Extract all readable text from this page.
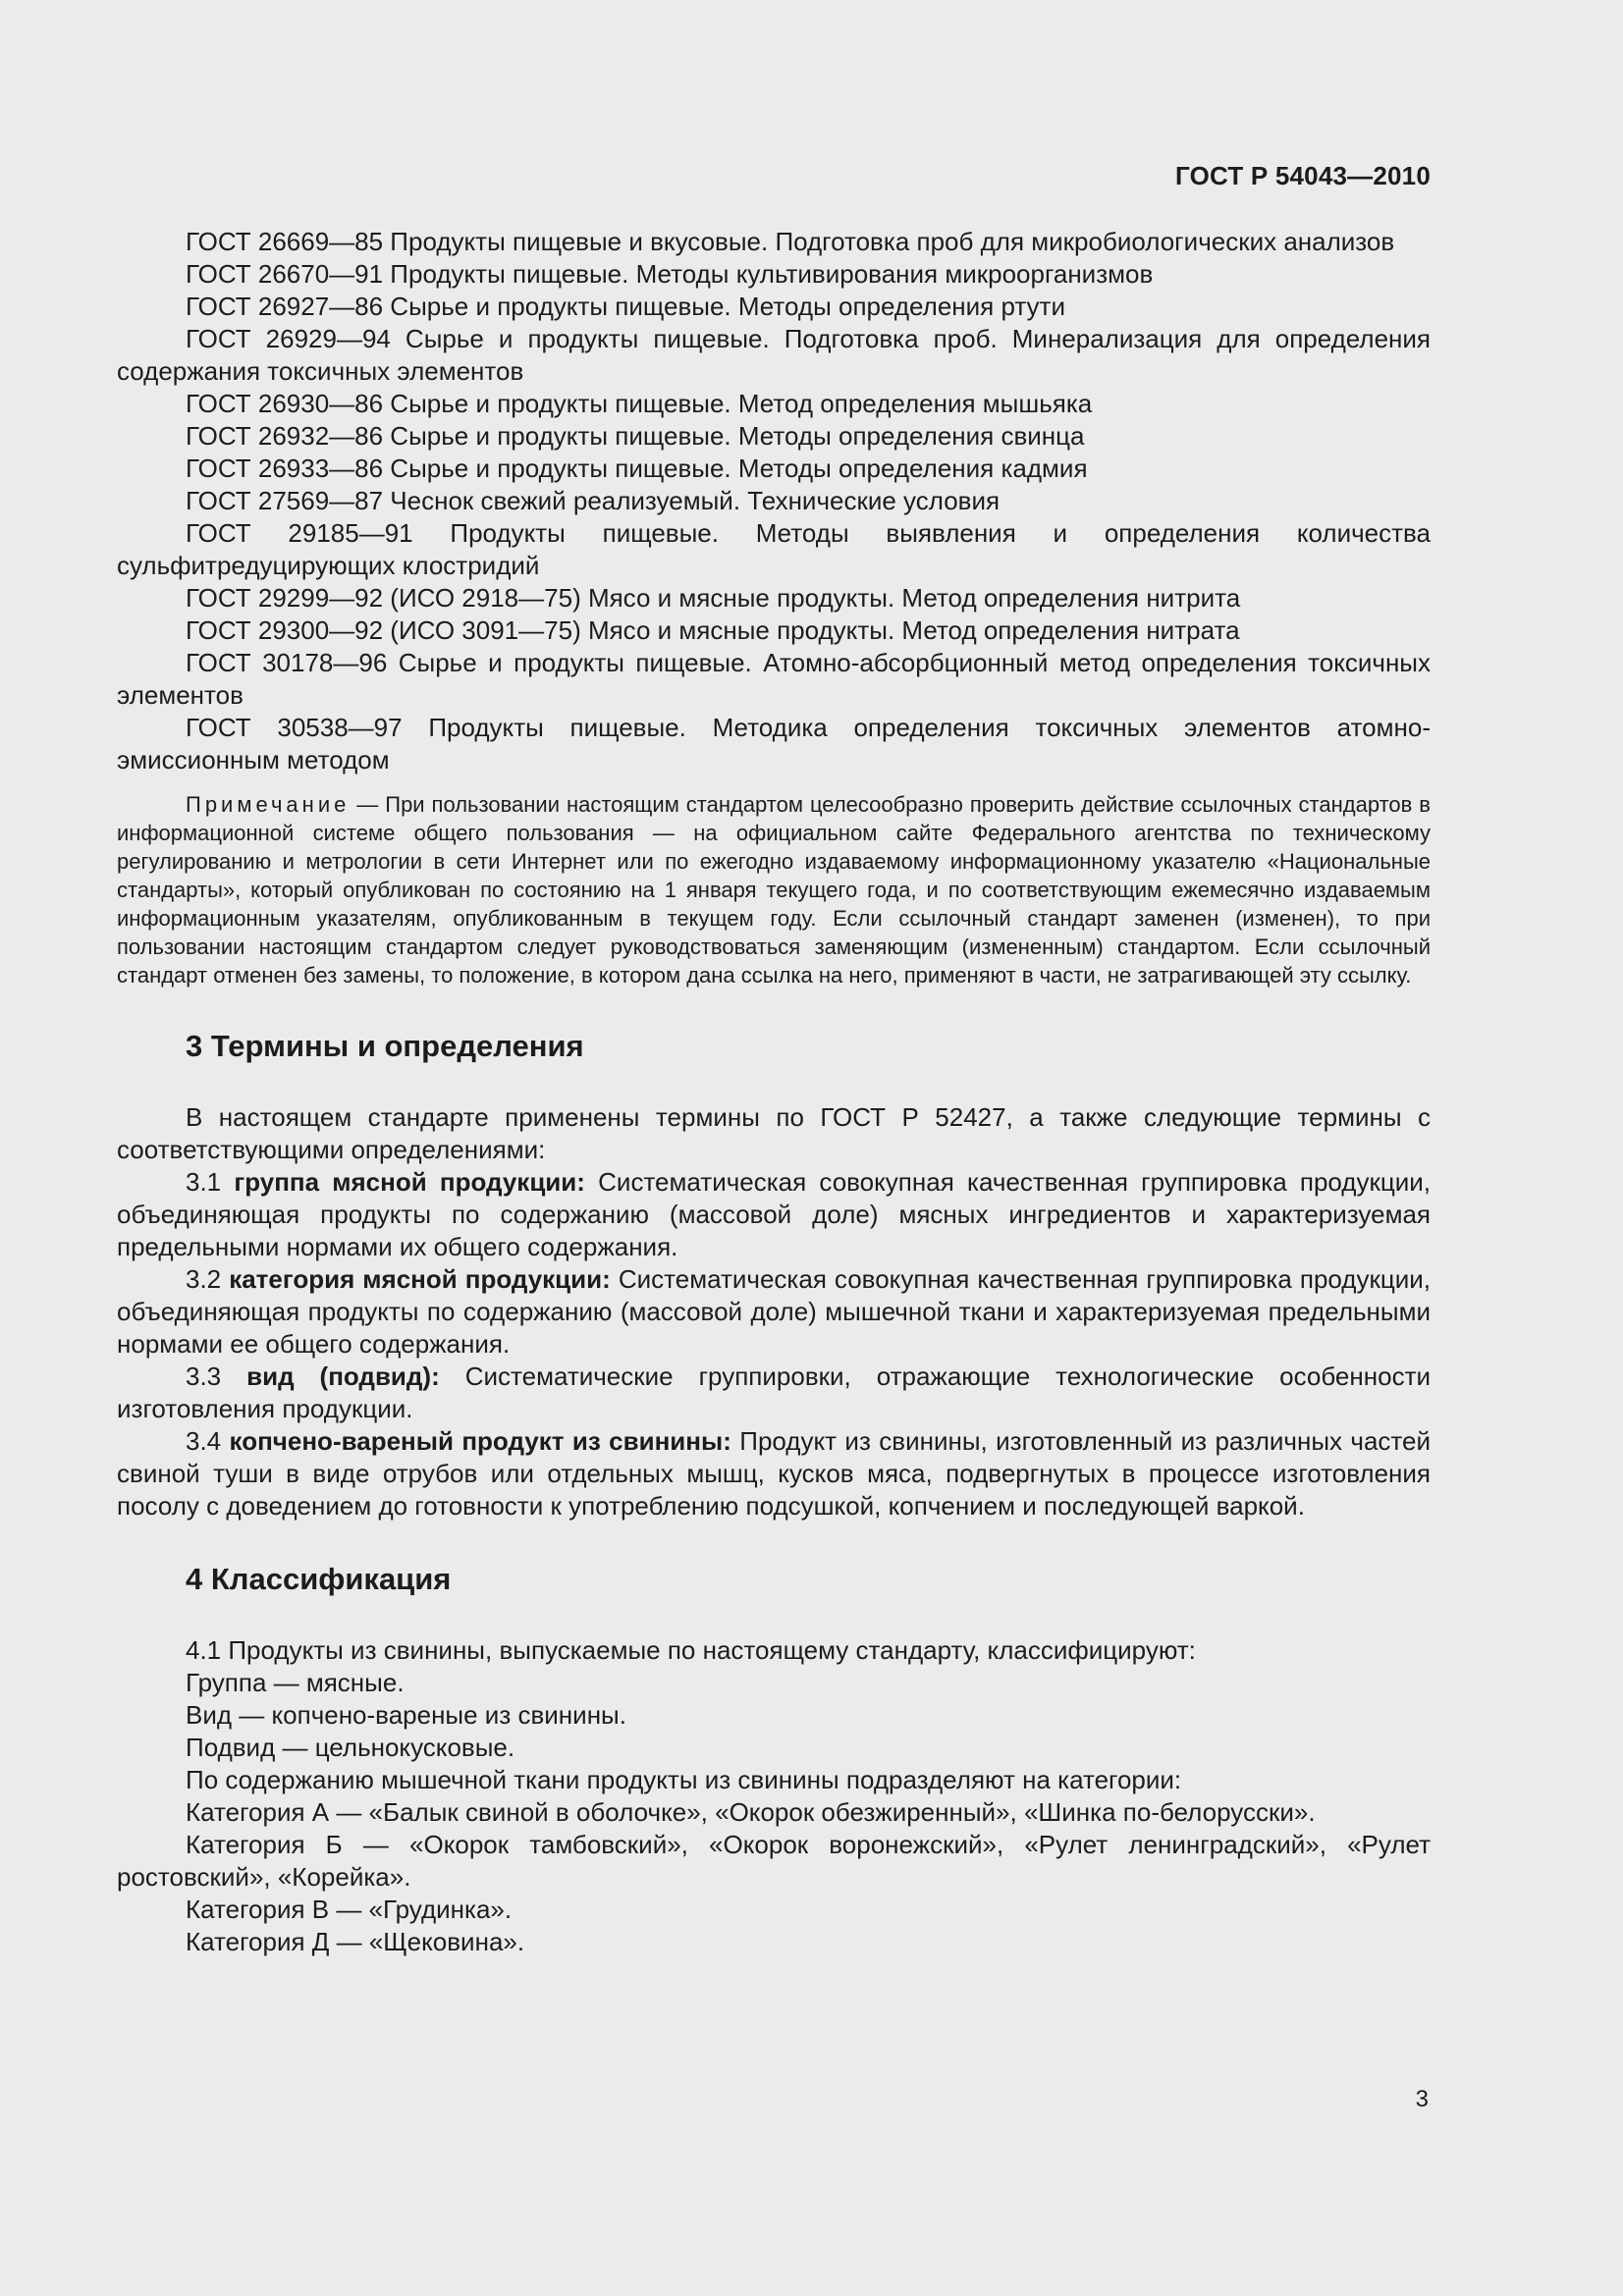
ГОСТ Р 54043—2010

ГОСТ 26669—85 Продукты пищевые и вкусовые. Подготовка проб для микробиологических анализов

ГОСТ 26670—91 Продукты пищевые. Методы культивирования микроорганизмов

ГОСТ 26927—86 Сырье и продукты пищевые. Методы определения ртути

ГОСТ 26929—94 Сырье и продукты пищевые. Подготовка проб. Минерализация для определения содержания токсичных элементов

ГОСТ 26930—86 Сырье и продукты пищевые. Метод определения мышьяка

ГОСТ 26932—86 Сырье и продукты пищевые. Методы определения свинца

ГОСТ 26933—86 Сырье и продукты пищевые. Методы определения кадмия

ГОСТ 27569—87 Чеснок свежий реализуемый. Технические условия

ГОСТ 29185—91 Продукты пищевые. Методы выявления и определения количества сульфитредуцирующих клостридий

ГОСТ 29299—92 (ИСО 2918—75) Мясо и мясные продукты. Метод определения нитрита

ГОСТ 29300—92 (ИСО 3091—75) Мясо и мясные продукты. Метод определения нитрата

ГОСТ 30178—96 Сырье и продукты пищевые. Атомно-абсорбционный метод определения токсичных элементов

ГОСТ 30538—97 Продукты пищевые. Методика определения токсичных элементов атомно-эмиссионным методом

Примечание — При пользовании настоящим стандартом целесообразно проверить действие ссылочных стандартов в информационной системе общего пользования — на официальном сайте Федерального агентства по техническому регулированию и метрологии в сети Интернет или по ежегодно издаваемому информационному указателю «Национальные стандарты», который опубликован по состоянию на 1 января текущего года, и по соответствующим ежемесячно издаваемым информационным указателям, опубликованным в текущем году. Если ссылочный стандарт заменен (изменен), то при пользовании настоящим стандартом следует руководствоваться заменяющим (измененным) стандартом. Если ссылочный стандарт отменен без замены, то положение, в котором дана ссылка на него, применяют в части, не затрагивающей эту ссылку.

3 Термины и определения

В настоящем стандарте применены термины по ГОСТ Р 52427, а также следующие термины с соответствующими определениями:

3.1 группа мясной продукции: Систематическая совокупная качественная группировка продукции, объединяющая продукты по содержанию (массовой доле) мясных ингредиентов и характеризуемая предельными нормами их общего содержания.

3.2 категория мясной продукции: Систематическая совокупная качественная группировка продукции, объединяющая продукты по содержанию (массовой доле) мышечной ткани и характеризуемая предельными нормами ее общего содержания.

3.3 вид (подвид): Систематические группировки, отражающие технологические особенности изготовления продукции.

3.4 копчено-вареный продукт из свинины: Продукт из свинины, изготовленный из различных частей свиной туши в виде отрубов или отдельных мышц, кусков мяса, подвергнутых в процессе изготовления посолу с доведением до готовности к употреблению подсушкой, копчением и последующей варкой.

4 Классификация

4.1 Продукты из свинины, выпускаемые по настоящему стандарту, классифицируют:

Группа — мясные.

Вид — копчено-вареные из свинины.

Подвид — цельнокусковые.

По содержанию мышечной ткани продукты из свинины подразделяют на категории:

Категория А — «Балык свиной в оболочке», «Окорок обезжиренный», «Шинка по-белорусски».

Категория Б — «Окорок тамбовский», «Окорок воронежский», «Рулет ленинградский», «Рулет ростовский», «Корейка».

Категория В — «Грудинка».

Категория Д — «Щековина».

3
